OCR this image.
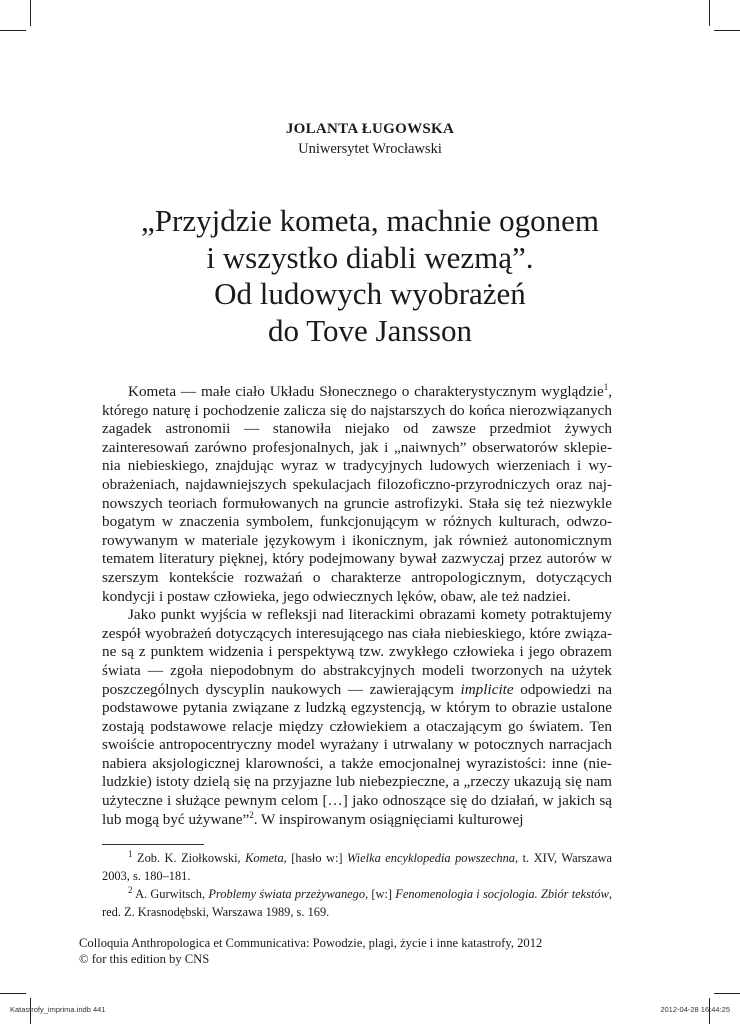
JOLANTA ŁUGOWSKA
Uniwersytet Wrocławski
„Przyjdzie kometa, machnie ogonem
i wszystko diabli wezmą”.
Od ludowych wyobrażeń
do Tove Jansson

Kometa — małe ciało Układu Słonecznego o charakterystycznym wyglądzie$^1$, którego naturę i pochodzenie zalicza się do najstarszych do końca nierozwiązanych zagadek astronomii — stanowiła niejako od zawsze przedmiot żywych zainteresowań zarówno profesjonalnych, jak i „naiwnych” obserwatorów sklepienia niebieskiego, znajdując wyraz w tradycyjnych ludowych wierzeniach i wyobrażeniach, najdawniejszych spekulacjach filozoficzno-przyrodniczych oraz najnowszych teoriach formułowanych na gruncie astrofizyki. Stała się też niezwykle bogatym w znaczenia symbolem, funkcjonującym w różnych kulturach, odwzorowywanym w materiale językowym i ikonicznym, jak również autonomicznym tematem literatury pięknej, który podejmowany bywał zazwyczaj przez autorów w szerszym kontekście rozważań o charakterze antropologicznym, dotyczących kondycji i postaw człowieka, jego odwiecznych lęków, obaw, ale też nadziei.

Jako punkt wyjścia w refleksji nad literackimi obrazami komety potraktujemy zespół wyobrażeń dotyczących interesującego nas ciała niebieskiego, które związane są z punktem widzenia i perspektywą tzw. zwykłego człowieka i jego obrazem świata — zgoła niepodobnym do abstrakcyjnych modeli tworzonych na użytek poszczególnych dyscyplin naukowych — zawierającym implicite odpowiedzi na podstawowe pytania związane z ludzką egzystencją, w którym to obrazie ustalone zostają podstawowe relacje między człowiekiem a otaczającym go światem. Ten swoiście antropocentryczny model wyrażany i utrwalany w potocznych narracjach nabiera aksjologicznej klarowności, a także emocjonalnej wyrazistości: inne (nie-ludzkie) istoty dzielą się na przyjazne lub niebezpieczne, a „rzeczy ukazują się nam użyteczne i służące pewnym celom […] jako odnoszące się do działań, w jakich są lub mogą być używane”$^2$. W inspirowanym osiągnięciami kulturowej

$^1$ Zob. K. Ziołkowski, Kometa, [hasło w:] Wielka encyklopedia powszechna, t. XIV, Warszawa 2003, s. 180–181.

$^2$ A. Gurwitsch, Problemy świata przeżywanego, [w:] Fenomenologia i socjologia. Zbiór tekstów, red. Z. Krasnodębski, Warszawa 1989, s. 169.

Colloquia Anthropologica et Communicativa: Powodzie, plagi, życie i inne katastrofy, 2012
© for this edition by CNS
Katastrofy_imprima.indb 441	2012-04-28 16:44:25
